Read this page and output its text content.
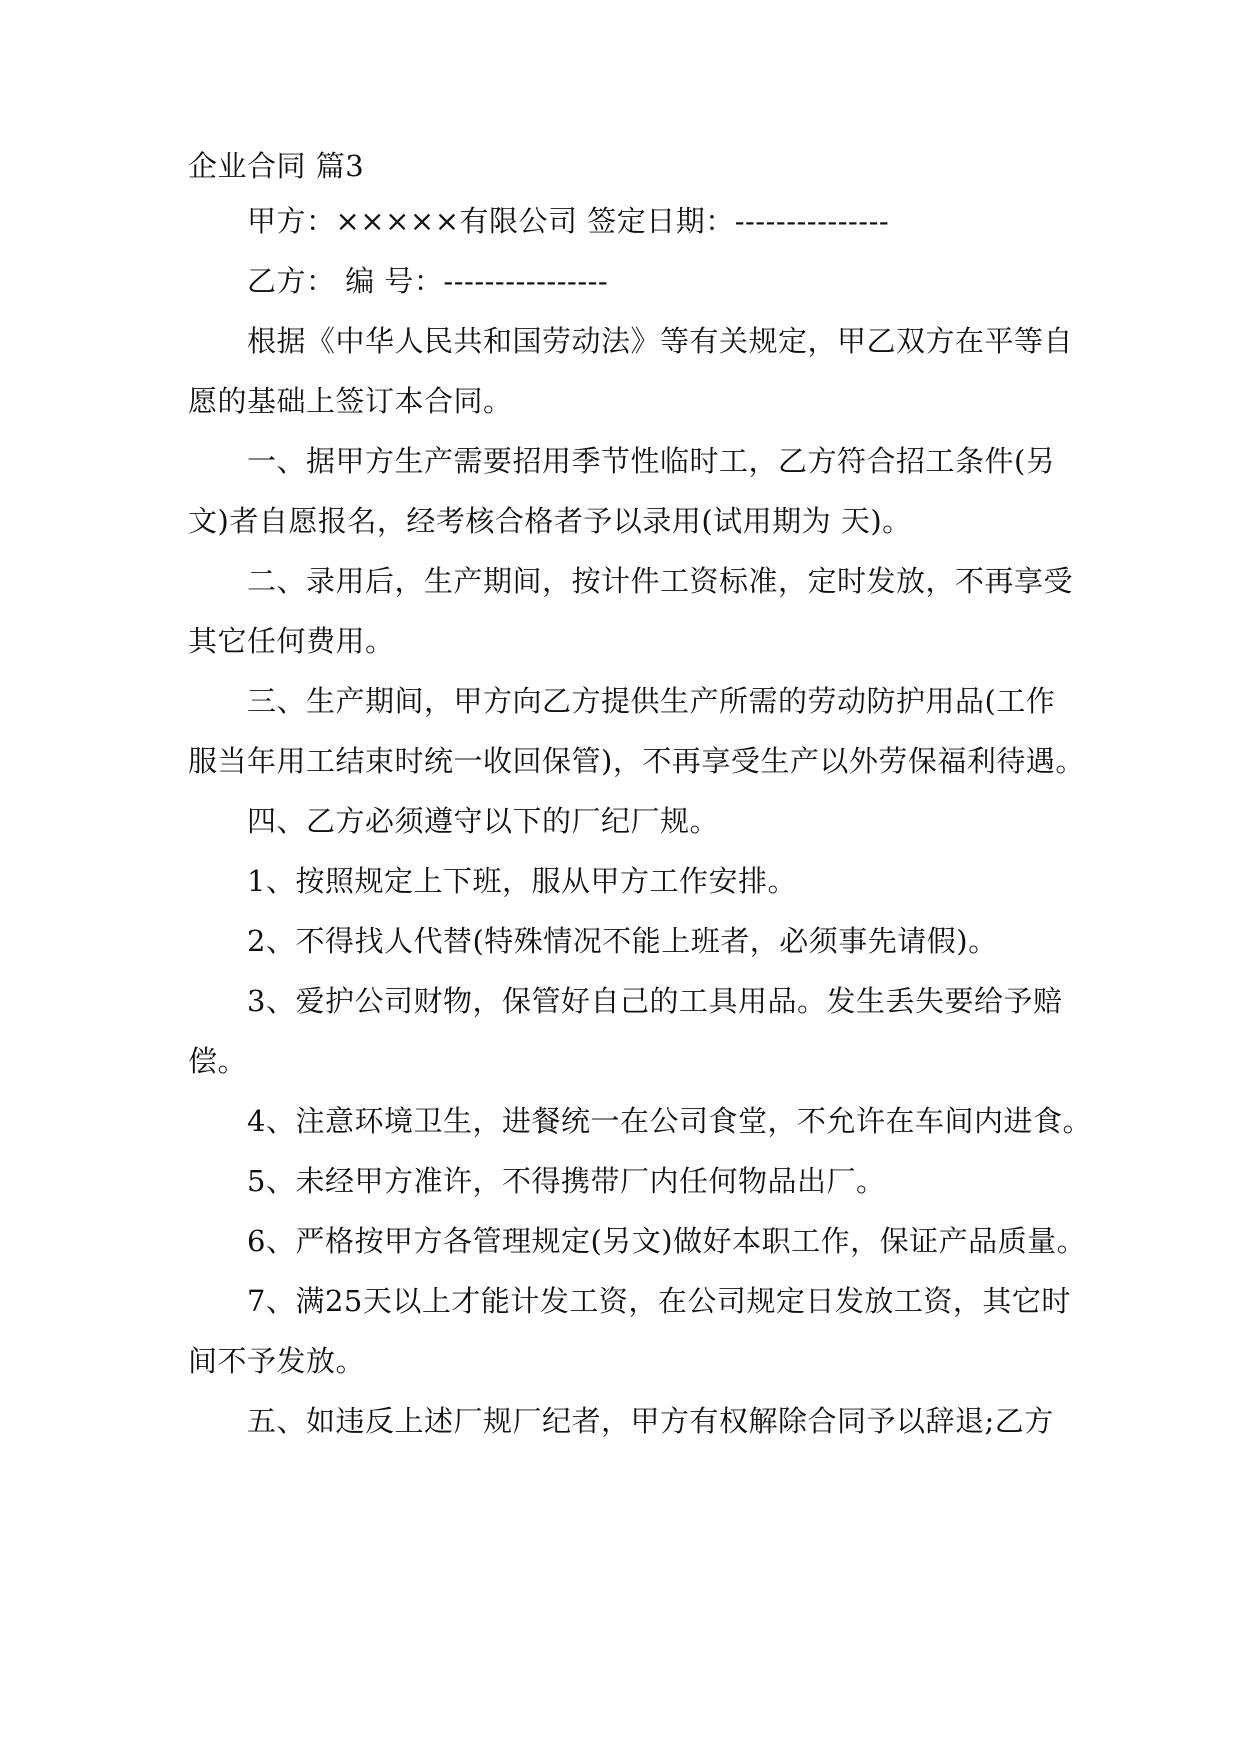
企业合同 篇3
甲方：×××××有限公司 签定日期：---------------
乙方： 编 号：----------------
根据《中华人民共和国劳动法》等有关规定，甲乙双方在平等自
愿的基础上签订本合同。
一、据甲方生产需要招用季节性临时工，乙方符合招工条件(另
文)者自愿报名，经考核合格者予以录用(试用期为 天)。
二、录用后，生产期间，按计件工资标准，定时发放，不再享受
其它任何费用。
三、生产期间，甲方向乙方提供生产所需的劳动防护用品(工作
服当年用工结束时统一收回保管)，不再享受生产以外劳保福利待遇。
四、乙方必须遵守以下的厂纪厂规。
1、按照规定上下班，服从甲方工作安排。
2、不得找人代替(特殊情况不能上班者，必须事先请假)。
3、爱护公司财物，保管好自己的工具用品。发生丢失要给予赔
偿。
4、注意环境卫生，进餐统一在公司食堂，不允许在车间内进食。
5、未经甲方准许，不得携带厂内任何物品出厂。
6、严格按甲方各管理规定(另文)做好本职工作，保证产品质量。
7、满25天以上才能计发工资，在公司规定日发放工资，其它时
间不予发放。
五、如违反上述厂规厂纪者，甲方有权解除合同予以辞退;乙方
